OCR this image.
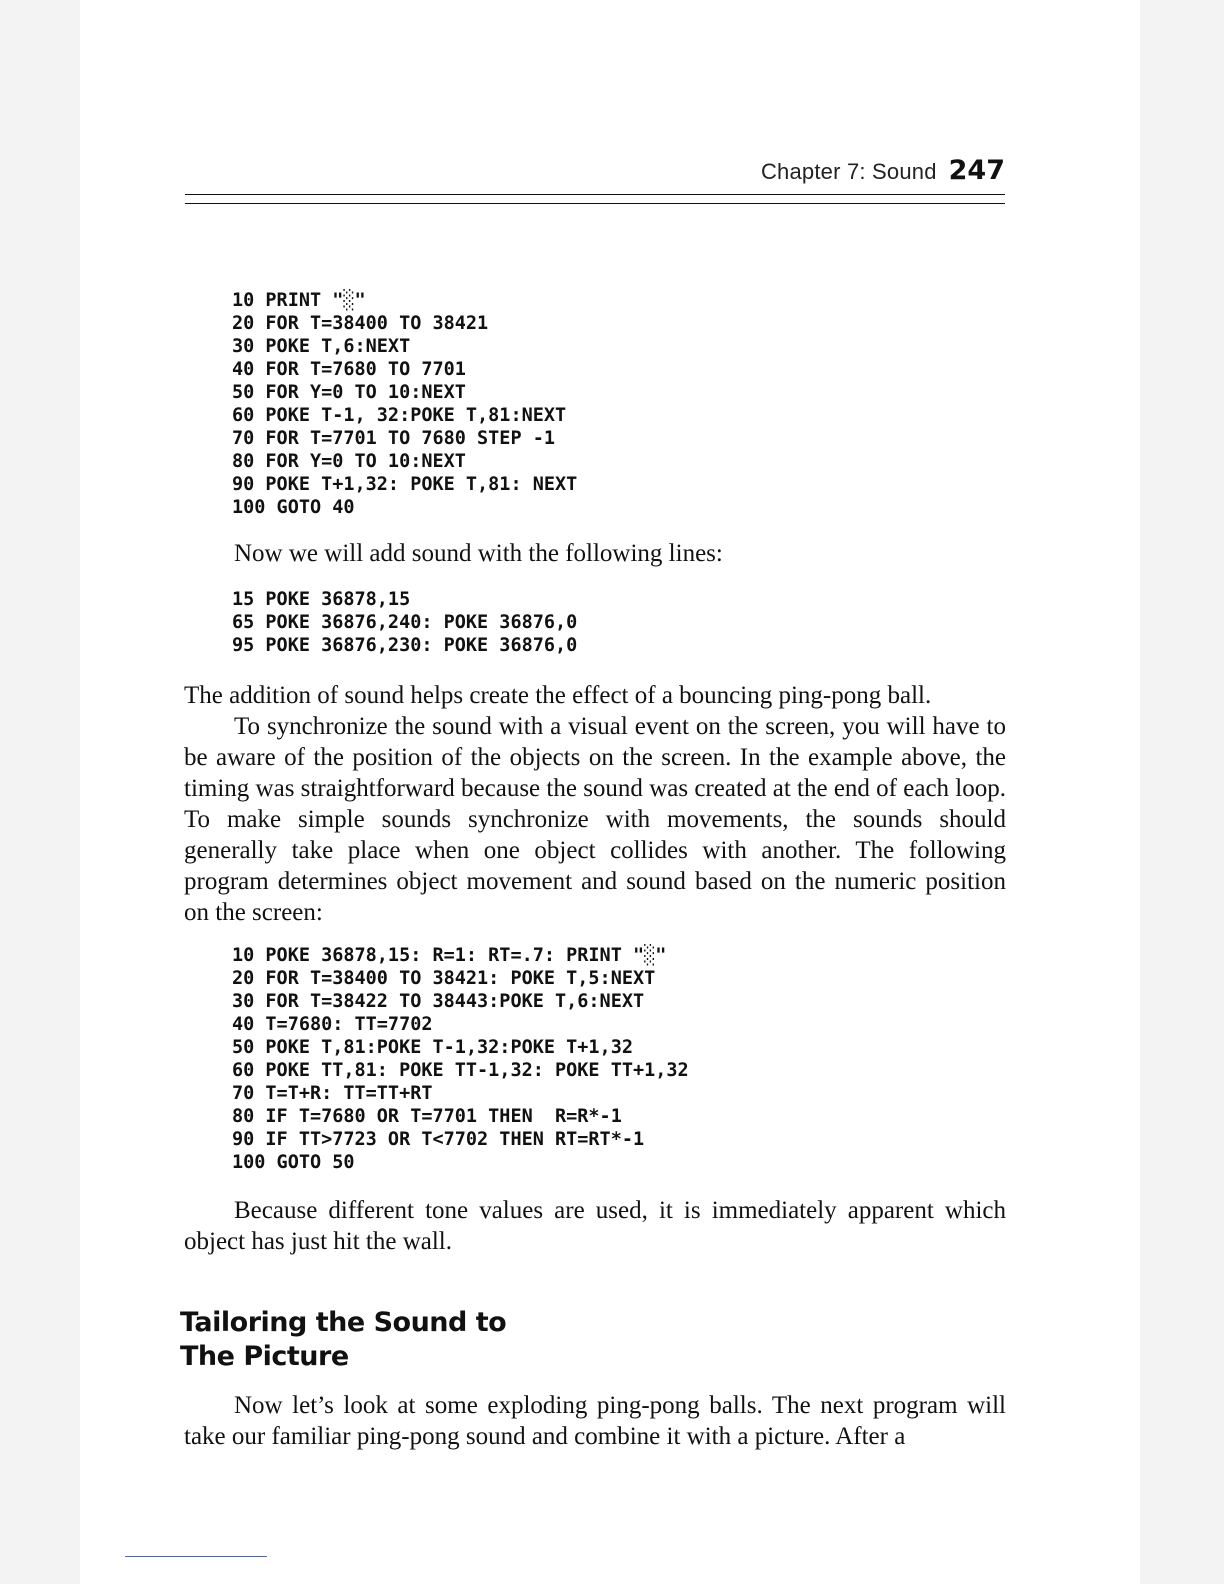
Chapter 7: Sound 247
10 PRINT "░"
20 FOR T=38400 TO 38421
30 POKE T,6:NEXT
40 FOR T=7680 TO 7701
50 FOR Y=0 TO 10:NEXT
60 POKE T-1, 32:POKE T,81:NEXT
70 FOR T=7701 TO 7680 STEP -1
80 FOR Y=0 TO 10:NEXT
90 POKE T+1,32: POKE T,81: NEXT
100 GOTO 40

Now we will add sound with the following lines:

15 POKE 36878,15
65 POKE 36876,240: POKE 36876,0
95 POKE 36876,230: POKE 36876,0

The addition of sound helps create the effect of a bouncing ping-pong ball.

To synchronize the sound with a visual event on the screen, you will have to be aware of the position of the objects on the screen. In the example above, the timing was straightforward because the sound was created at the end of each loop. To make simple sounds synchronize with movements, the sounds should generally take place when one object collides with another. The following program determines object movement and sound based on the numeric position on the screen:

10 POKE 36878,15: R=1: RT=.7: PRINT "░"
20 FOR T=38400 TO 38421: POKE T,5:NEXT
30 FOR T=38422 TO 38443:POKE T,6:NEXT
40 T=7680: TT=7702
50 POKE T,81:POKE T-1,32:POKE T+1,32
60 POKE TT,81: POKE TT-1,32: POKE TT+1,32
70 T=T+R: TT=TT+RT
80 IF T=7680 OR T=7701 THEN  R=R*-1
90 IF TT>7723 OR T<7702 THEN RT=RT*-1
100 GOTO 50

Because different tone values are used, it is immediately apparent which object has just hit the wall.

Tailoring the Sound to
The Picture

Now let’s look at some exploding ping-pong balls. The next program will take our familiar ping-pong sound and combine it with a picture. After a
